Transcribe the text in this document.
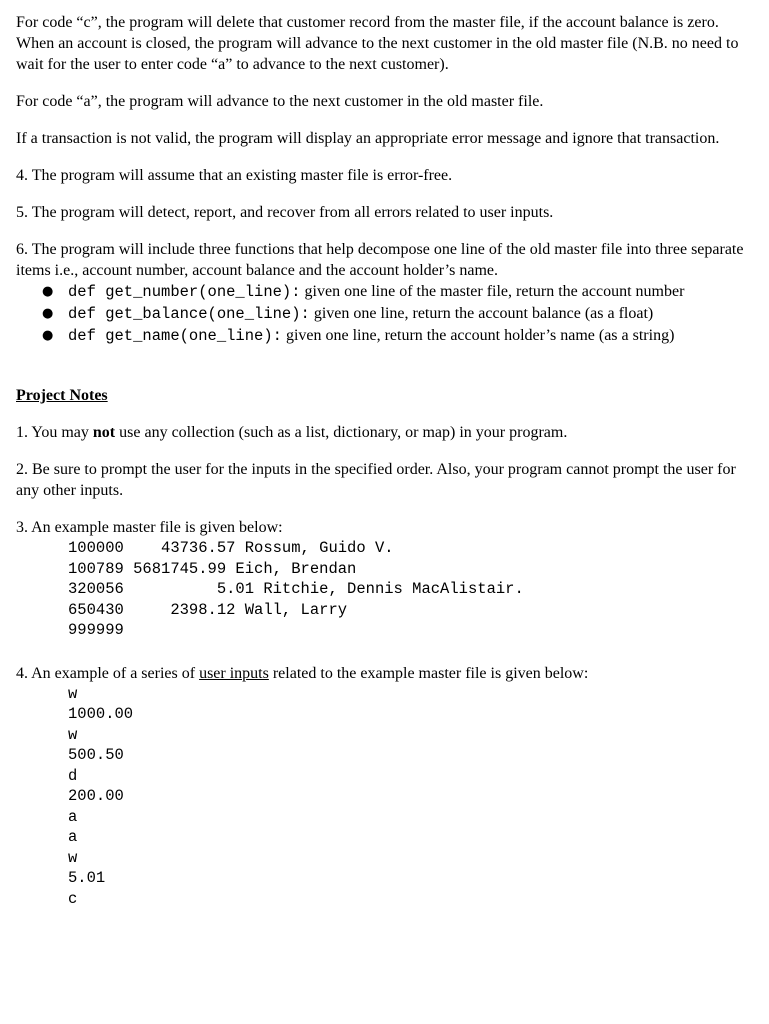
For code “c”, the program will delete that customer record from the master file, if the account balance is zero. When an account is closed, the program will advance to the next customer in the old master file (N.B. no need to wait for the user to enter code “a” to advance to the next customer).

For code “a”, the program will advance to the next customer in the old master file.

If a transaction is not valid, the program will display an appropriate error message and ignore that transaction.

4. The program will assume that an existing master file is error-free.

5. The program will detect, report, and recover from all errors related to user inputs.

6. The program will include three functions that help decompose one line of the old master file into three separate items i.e., account number, account balance and the account holder’s name.

● def get_number(one_line): given one line of the master file, return the account number
● def get_balance(one_line): given one line, return the account balance (as a float)
● def get_name(one_line): given one line, return the account holder’s name (as a string)

Project Notes

1. You may not use any collection (such as a list, dictionary, or map) in your program.

2. Be sure to prompt the user for the inputs in the specified order. Also, your program cannot prompt the user for any other inputs.

3. An example master file is given below:

100000    43736.57 Rossum, Guido V.
100789 5681745.99 Eich, Brendan
320056          5.01 Ritchie, Dennis MacAlistair.
650430     2398.12 Wall, Larry
999999

4. An example of a series of user inputs related to the example master file is given below:

w
1000.00
w
500.50
d
200.00
a
a
w
5.01
c
